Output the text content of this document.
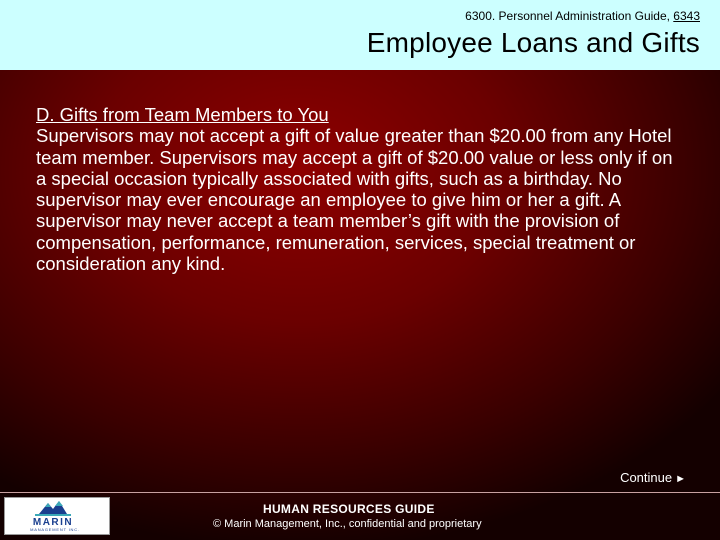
6300. Personnel Administration Guide, 6343
Employee Loans and Gifts
D. Gifts from Team Members to You
Supervisors may not accept a gift of value greater than $20.00 from any Hotel team member. Supervisors may accept a gift of $20.00 value or less only if on a special occasion typically associated with gifts, such as a birthday. No supervisor may ever encourage an employee to give him or her a gift. A supervisor may never accept a team member’s gift with the provision of compensation, performance, remuneration, services, special treatment or consideration any kind.
Continue ►
MARIN
MANAGEMENT INC.
HUMAN RESOURCES GUIDE
© Marin Management, Inc., confidential and proprietary
